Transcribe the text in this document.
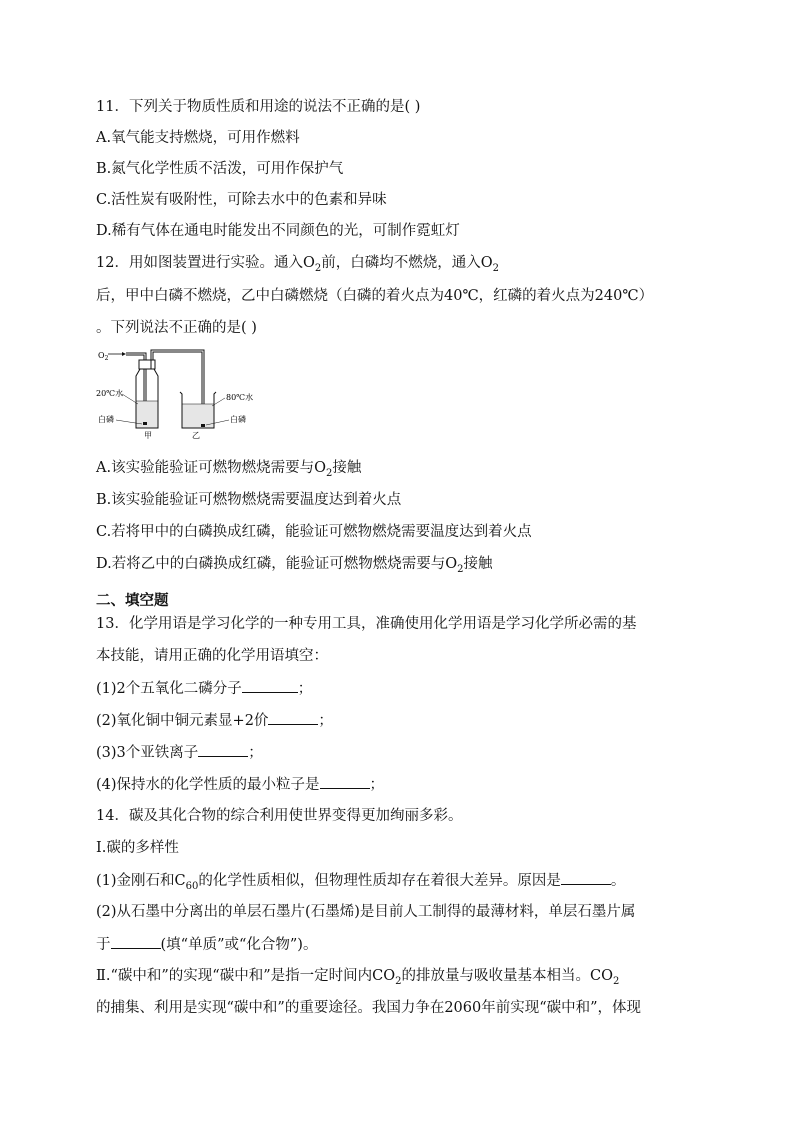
11．下列关于物质性质和用途的说法不正确的是( )
A.氧气能支持燃烧，可用作燃料
B.氮气化学性质不活泼，可用作保护气
C.活性炭有吸附性，可除去水中的色素和异味
D.稀有气体在通电时能发出不同颜色的光，可制作霓虹灯
12．用如图装置进行实验。通入$O_2$前，白磷均不燃烧，通入$O_2$
后，甲中白磷不燃烧，乙中白磷燃烧（白磷的着火点为40℃，红磷的着火点为240℃）
。下列说法不正确的是( )
$O_2$
20℃水
白磷
80℃水
白磷
甲	乙
A.该实验能验证可燃物燃烧需要与$O_2$接触
B.该实验能验证可燃物燃烧需要温度达到着火点
C.若将甲中的白磷换成红磷，能验证可燃物燃烧需要温度达到着火点
D.若将乙中的白磷换成红磷，能验证可燃物燃烧需要与$O_2$接触
二、填空题
13．化学用语是学习化学的一种专用工具，准确使用化学用语是学习化学所必需的基
本技能，请用正确的化学用语填空：
(1)2个五氧化二磷分子	；
(2)氧化铜中铜元素显+2价	；
(3)3个亚铁离子	；
(4)保持水的化学性质的最小粒子是	；
14．碳及其化合物的综合利用使世界变得更加绚丽多彩。
Ⅰ.碳的多样性
(1)金刚石和$C_{60}$的化学性质相似，但物理性质却存在着很大差异。原因是	。
(2)从石墨中分离出的单层石墨片(石墨烯)是目前人工制得的最薄材料，单层石墨片属
于	(填“单质”或“化合物”)。
Ⅱ.“碳中和”的实现“碳中和”是指一定时间内$CO_2$的排放量与吸收量基本相当。$CO_2$
的捕集、利用是实现“碳中和”的重要途径。我国力争在2060年前实现“碳中和”，体现
